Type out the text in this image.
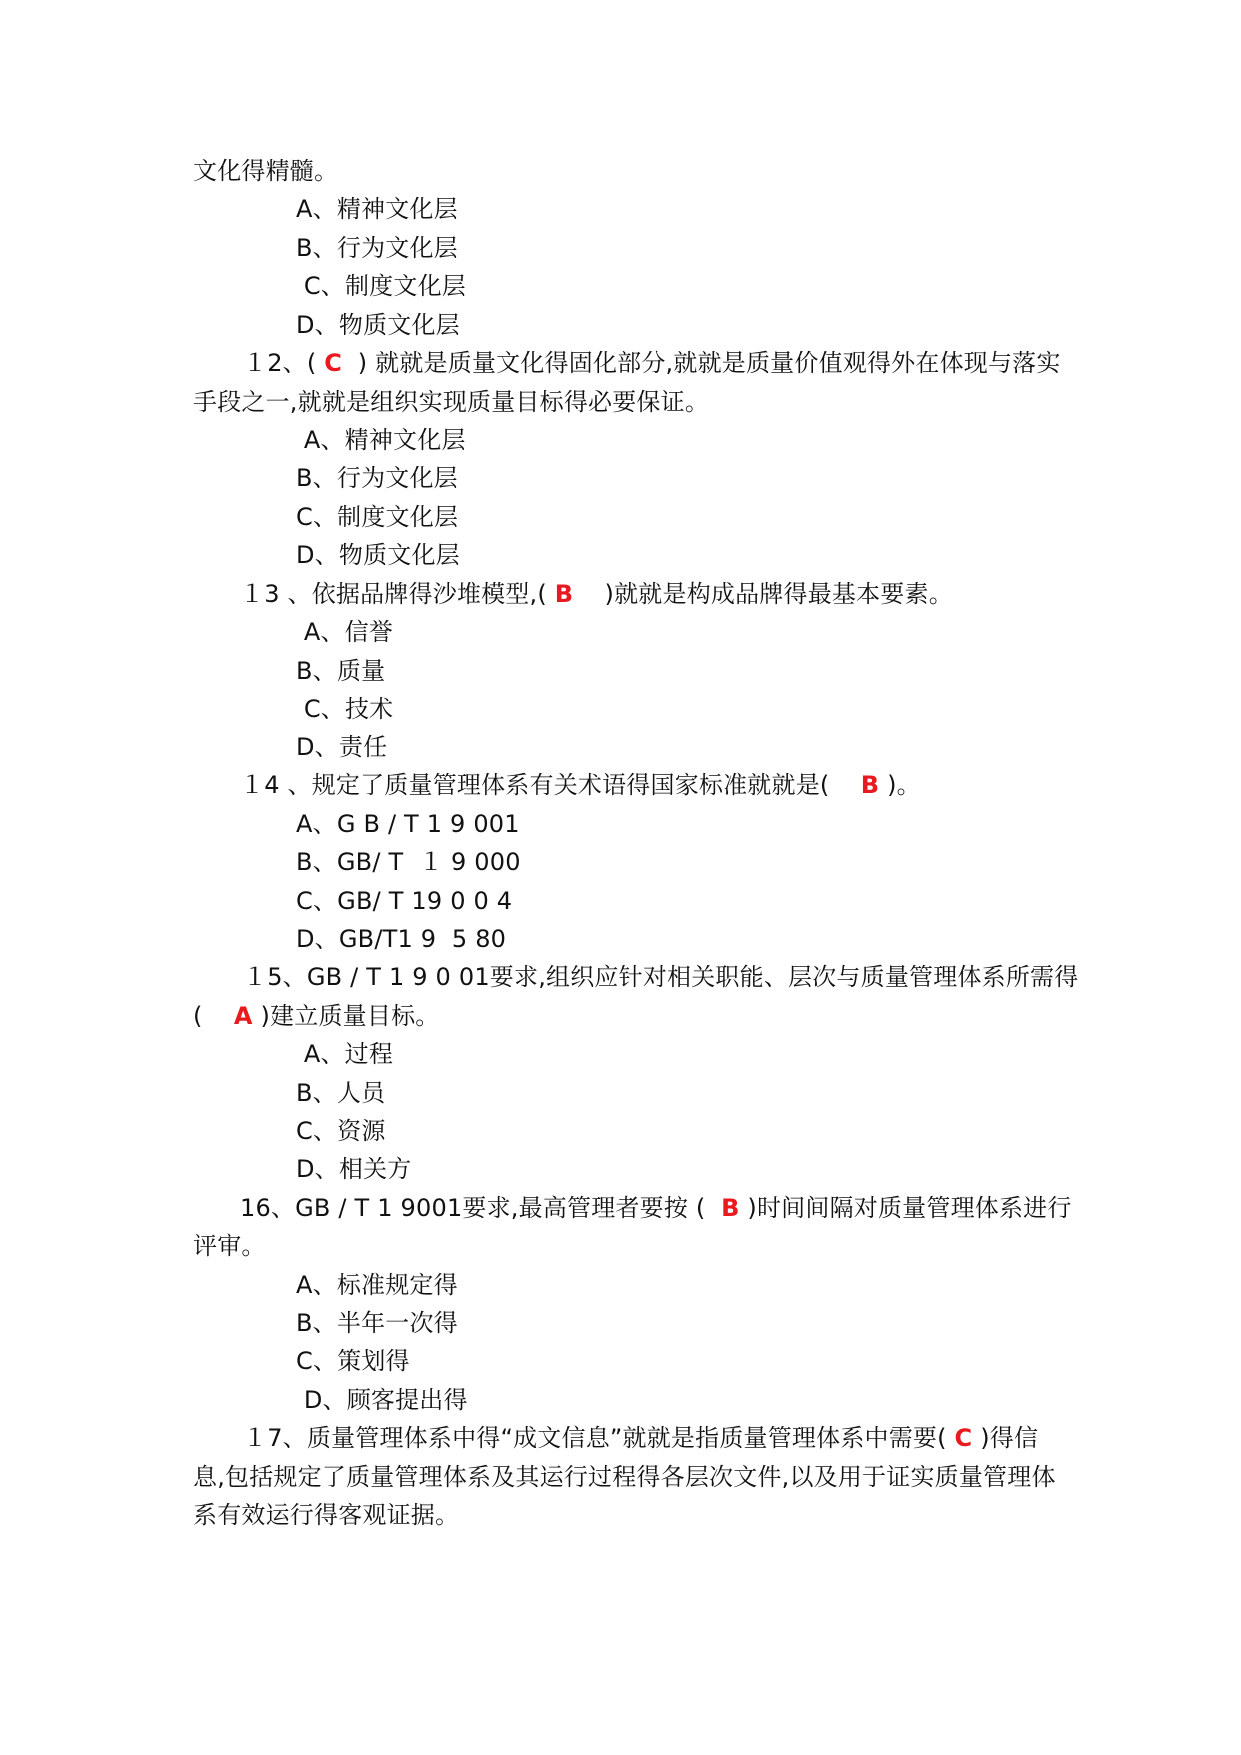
文化得精髓。
A、精神文化层
B、行为文化层
C、制度文化层
D、物质文化层
１2、( C  ) 就就是质量文化得固化部分,就就是质量价值观得外在体现与落实
手段之一,就就是组织实现质量目标得必要保证。
A、精神文化层
B、行为文化层
C、制度文化层
D、物质文化层
１3 、依据品牌得沙堆模型,( B    )就就是构成品牌得最基本要素。
A、信誉
B、质量
C、技术
D、责任
１4 、规定了质量管理体系有关术语得国家标准就就是(    B )。
A、G B / T 1 9 001
B、GB/ T  １ 9 000
C、GB/ T 19 0 0 4
D、GB/T1 9  5 80
１5、GB / T 1 9 0 01要求,组织应针对相关职能、层次与质量管理体系所需得
(    A )建立质量目标。
A、过程
B、人员
C、资源
D、相关方
16、GB / T 1 9001要求,最高管理者要按 (  B )时间间隔对质量管理体系进行
评审。
A、标准规定得
B、半年一次得
C、策划得
D、顾客提出得
１7、质量管理体系中得“成文信息”就就是指质量管理体系中需要( C )得信
息,包括规定了质量管理体系及其运行过程得各层次文件,以及用于证实质量管理体
系有效运行得客观证据。
